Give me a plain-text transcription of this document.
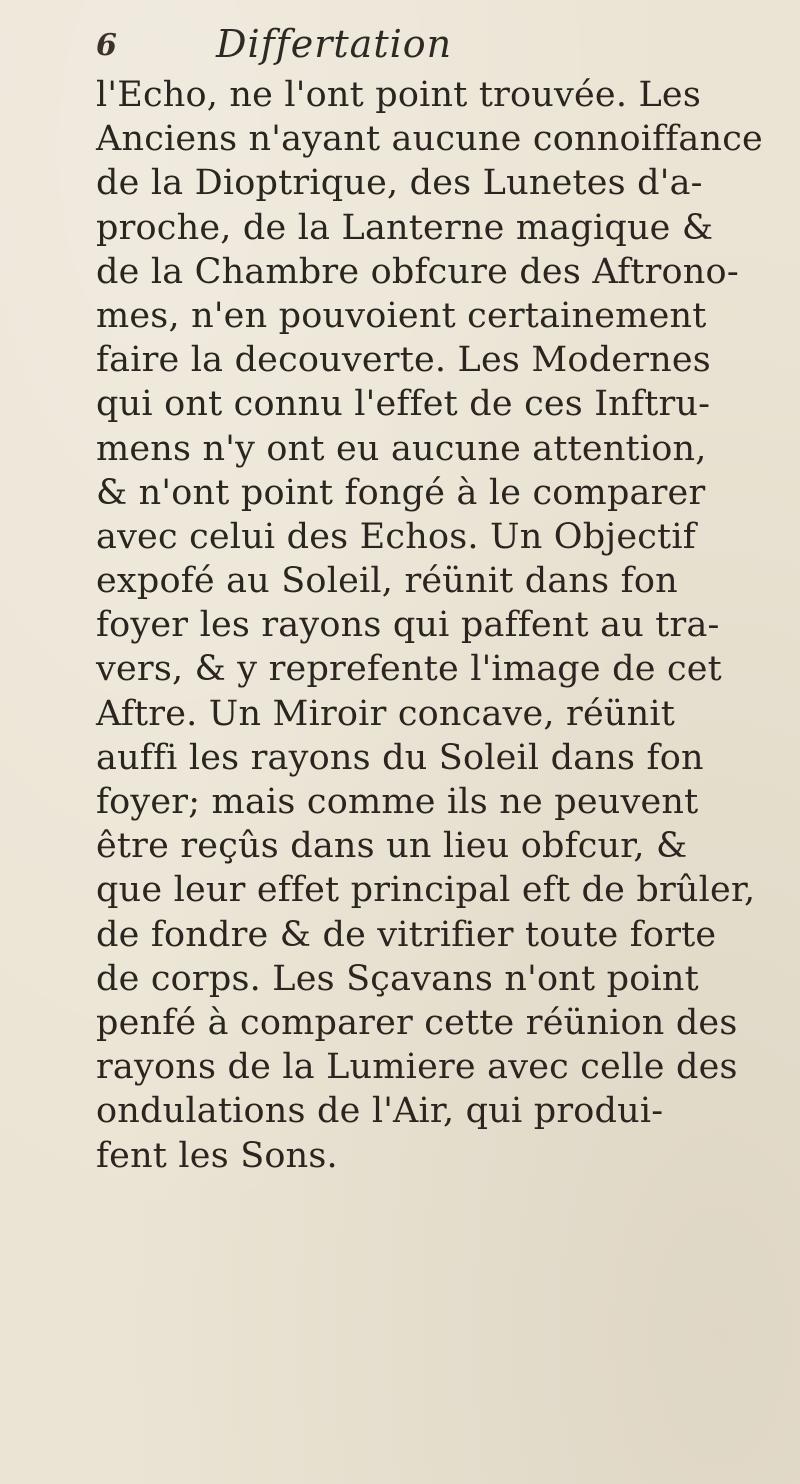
6	Differtation
l'Echo, ne l'ont point trouvée. Les
Anciens n'ayant aucune connoiffance
de la Dioptrique, des Lunetes d'a-
proche, de la Lanterne magique &
de la Chambre obfcure des Aftrono-
mes, n'en pouvoient certainement
faire la decouverte. Les Modernes
qui ont connu l'effet de ces Inftru-
mens n'y ont eu aucune attention,
& n'ont point fongé à le comparer
avec celui des Echos. Un Objectif
expofé au Soleil, réünit dans fon
foyer les rayons qui paffent au tra-
vers, & y reprefente l'image de cet
Aftre. Un Miroir concave, réünit
auffi les rayons du Soleil dans fon
foyer; mais comme ils ne peuvent
être reçûs dans un lieu obfcur, &
que leur effet principal eft de brûler,
de fondre & de vitrifier toute forte
de corps. Les Sçavans n'ont point
penfé à comparer cette réünion des
rayons de la Lumiere avec celle des
ondulations de l'Air, qui produi-
fent les Sons.
